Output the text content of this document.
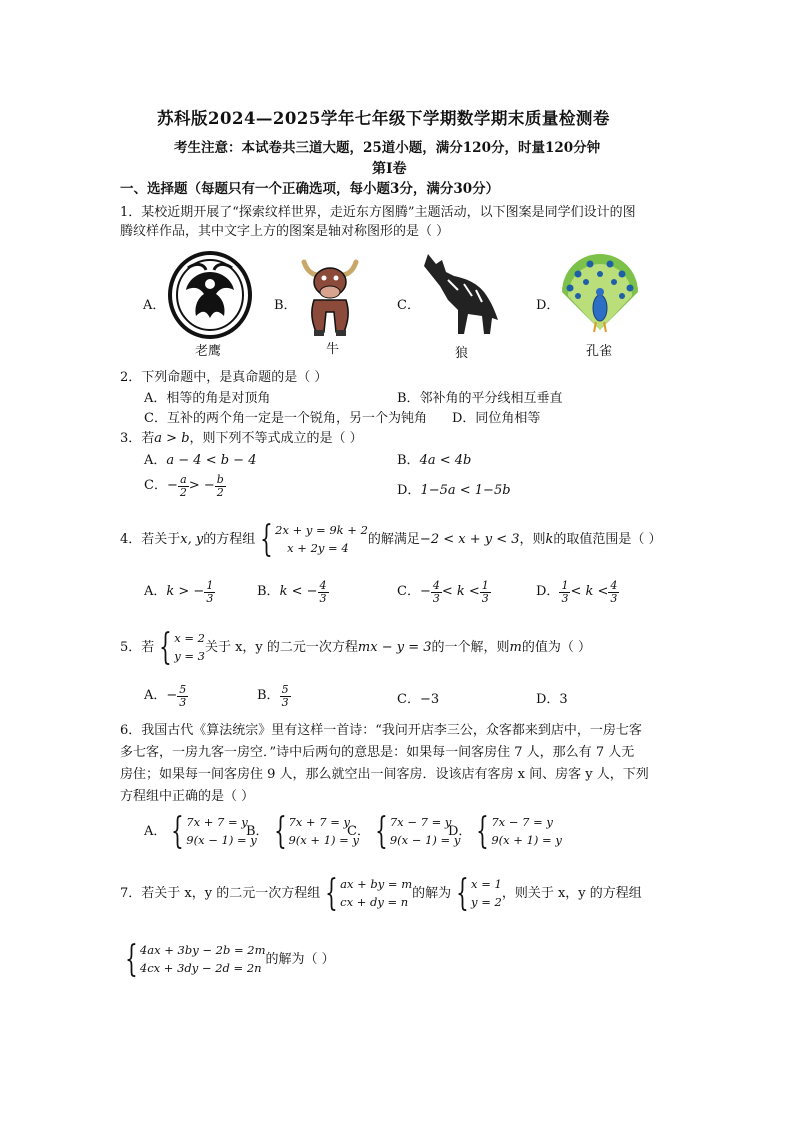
苏科版2024—2025学年七年级下学期数学期末质量检测卷
考生注意：本试卷共三道大题，25道小题，满分120分，时量120分钟
第Ⅰ卷
一、选择题（每题只有一个正确选项，每小题3分，满分30分）
1．某校近期开展了“探索纹样世界，走近东方图腾”主题活动，以下图案是同学们设计的图
腾纹样作品，其中文字上方的图案是轴对称图形的是（ ）
A．
老鹰
B．
牛
C．
狼
D．
孔雀
2．下列命题中，是真命题的是（ ）
A．相等的角是对顶角	B．邻补角的平分线相互垂直
C．互补的两个角一定是一个锐角，另一个为钝角 D．同位角相等
3．若a > b，则下列不等式成立的是（ ）
A．a − 4 < b − 4	B．4a < 4b
C． − $\frac{a}{2}$ > − $\frac{b}{2}$	D．1−5a < 1−5b
4．若关于 x, y 的方程组 { 2x + y = 9k + 2
x + 2y = 4
的解满足 −2 < x + y < 3 ，则 k 的取值范围是（ ）
A． k > − $\frac{1}{3}$	B． k < − $\frac{4}{3}$	C． − $\frac{4}{3} < k < \frac{1}{3}$	D． $\frac{1}{3} < k < \frac{4}{3}$
5．若 { x = 2
y = 3
关于 x，y 的二元一次方程 mx − y = 3 的一个解，则 m 的值为（ ）
A． − $\frac{5}{3}$	B． $\frac{5}{3}$	C．−3	D．3
6．我国古代《算法统宗》里有这样一首诗：“我问开店李三公，众客都来到店中，一房七客
多七客，一房九客一房空．”诗中后两句的意思是：如果每一间客房住 7 人，那么有 7 人无
房住；如果每一间客房住 9 人，那么就空出一间客房．设该店有客房 x 间、房客 y 人，下列
方程组中正确的是（ ）
A． { 7x + 7 = y
9(x − 1) = y
B． { 7x + 7 = y
9(x + 1) = y
C． { 7x − 7 = y
9(x − 1) = y
D． { 7x − 7 = y
9(x + 1) = y
7．若关于 x，y 的二元一次方程组 { ax + by = m
cx + dy = n
的解为 { x = 1
y = 2
，则关于 x，y 的方程组
{ 4ax + 3by − 2b = 2m
4cx + 3dy − 2d = 2n
的解为（ ）
